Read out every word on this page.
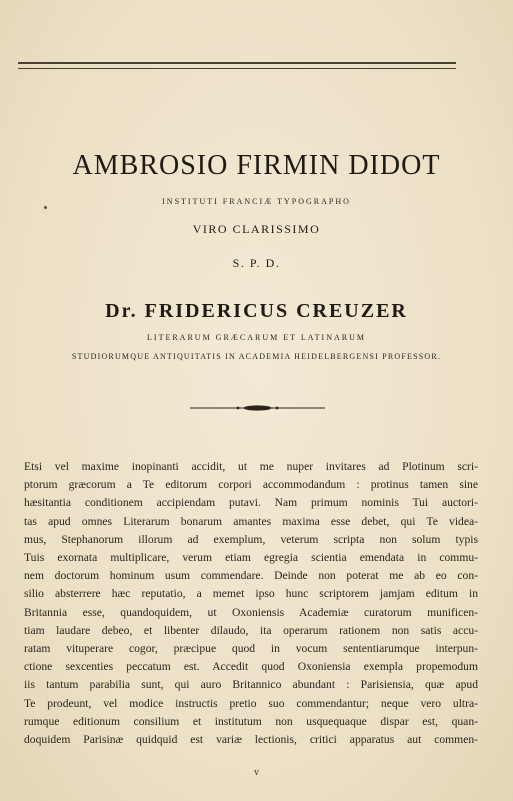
AMBROSIO FIRMIN DIDOT
INSTITUTI FRANCIÆ TYPOGRAPHO
VIRO CLARISSIMO
S. P. D.
Dr. FRIDERICUS CREUZER
LITERARUM GRÆCARUM ET LATINARUM
STUDIORUMQUE ANTIQUITATIS IN ACADEMIA HEIDELBERGENSI PROFESSOR.
Etsi vel maxime inopinanti accidit, ut me nuper invitares ad Plotinum scri-
ptorum græcorum a Te editorum corpori accommodandum : protinus tamen sine
hæsitantia conditionem accipiendam putavi. Nam primum nominis Tui auctori-
tas apud omnes Literarum bonarum amantes maxima esse debet, qui Te videa-
mus, Stephanorum illorum ad exemplum, veterum scripta non solum typis
Tuis exornata multiplicare, verum etiam egregia scientia emendata in commu-
nem doctorum hominum usum commendare. Deinde non poterat me ab eo con-
silio absterrere hæc reputatio, a memet ipso hunc scriptorem jamjam editum in
Britannia esse, quandoquidem, ut Oxoniensis Academiæ curatorum munificen-
tiam laudare debeo, et libenter dilaudo, ita operarum rationem non satis accu-
ratam vituperare cogor, præcipue quod in vocum sententiarumque interpun-
ctione sexcenties peccatum est. Accedit quod Oxoniensia exempla propemodum
iis tantum parabilia sunt, qui auro Britannico abundant : Parisiensia, quæ apud
Te prodeunt, vel modice instructis pretio suo commendantur; neque vero ultra-
rumque editionum consilium et institutum non usquequaque dispar est, quan-
doquidem Parisinæ quidquid est variæ lectionis, critici apparatus aut commen-
v
